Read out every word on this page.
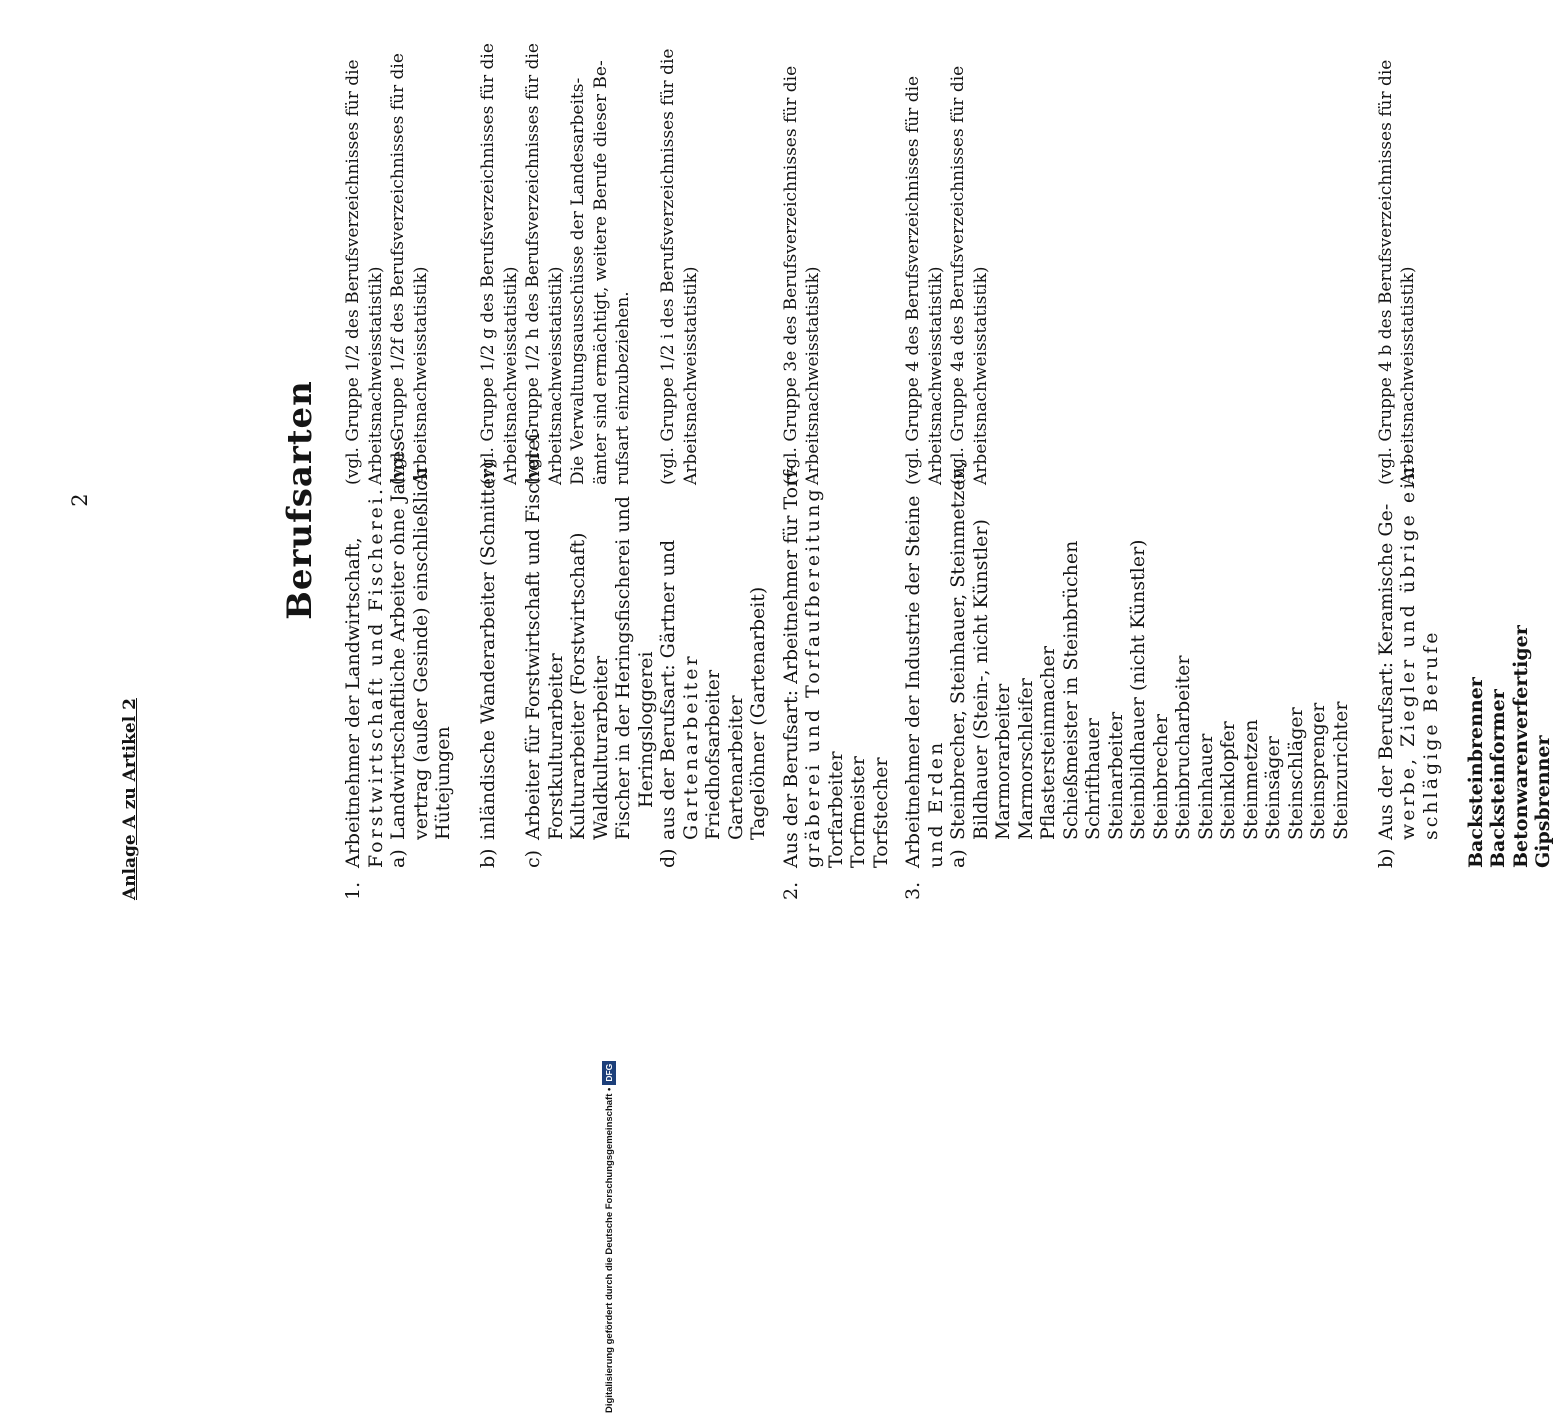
Digitalisierung gefördert durch die Deutsche Forschungsgemeinschaft •DFG
Anlage A zu Artikel 2
2	Berufsarten
1.Arbeitnehmer der Landwirtschaft,
(vgl. Gruppe 1/2 des Berufsverzeichnisses für die
Forstwirtschaft und Fischerei.
Arbeitsnachweisstatistik)
a)Landwirtschaftliche Arbeiter ohne Jahres-
(vgl. Gruppe 1/2f des Berufsverzeichnisses für die
vertrag (außer Gesinde) einschließlich
Arbeitsnachweisstatistik)
Hütejungen

b)inländische Wanderarbeiter (Schnitter)
(vgl. Gruppe 1/2 g des Berufsverzeichnisses für die
Arbeitsnachweisstatistik)
c)Arbeiter für Forstwirtschaft und Fischerei
(vgl. Gruppe 1/2 h des Berufsverzeichnisses für die
Forstkulturarbeiter
Arbeitsnachweisstatistik)
Kulturarbeiter (Forstwirtschaft)
Die Verwaltungsausschüsse der Landesarbeits-
Waldkulturarbeiter
ämter sind ermächtigt, weitere Berufe dieser Be-
Fischer in der Heringsfischerei und
rufsart einzubeziehen.
Heringsloggerei

d)aus der Berufsart: Gärtner und
(vgl. Gruppe 1/2 i des Berufsverzeichnisses für die
Gartenarbeiter
Arbeitsnachweisstatistik)
Friedhofsarbeiter
Gartenarbeiter
Tagelöhner (Gartenarbeit)

2.Aus der Berufsart: Arbeitnehmer für Torf-
(vgl. Gruppe 3e des Berufsverzeichnisses für die
gräberei und Torfaufbereitung
Arbeitsnachweisstatistik)
Torfarbeiter
Torfmeister
Torfstecher

3.Arbeitnehmer der Industrie der Steine
(vgl. Gruppe 4 des Berufsverzeichnisses für die
und Erden
Arbeitsnachweisstatistik)
a)Steinbrecher, Steinhauer, Steinmetzen,
(vgl. Gruppe 4a des Berufsverzeichnisses für die
Bildhauer (Stein-, nicht Künstler)
Arbeitsnachweisstatistik)
Marmorarbeiter
Marmorschleifer
Pflastersteinmacher
Schießmeister in Steinbrüchen
Schrifthauer
Steinarbeiter
Steinbildhauer (nicht Künstler)
Steinbrecher
Steinbrucharbeiter
Steinhauer
Steinklopfer
Steinmetzen
Steinsäger
Steinschläger
Steinsprenger
Steinzurichter

b)Aus der Berufsart: Keramische Ge-
(vgl. Gruppe 4 b des Berufsverzeichnisses für die
werbe, Ziegler und übrige ein-
Arbeitsnachweisstatistik)
schlägige Berufe

Backsteinbrenner
Backsteinformer
Betonwarenverfertiger
Gipsbrenner
